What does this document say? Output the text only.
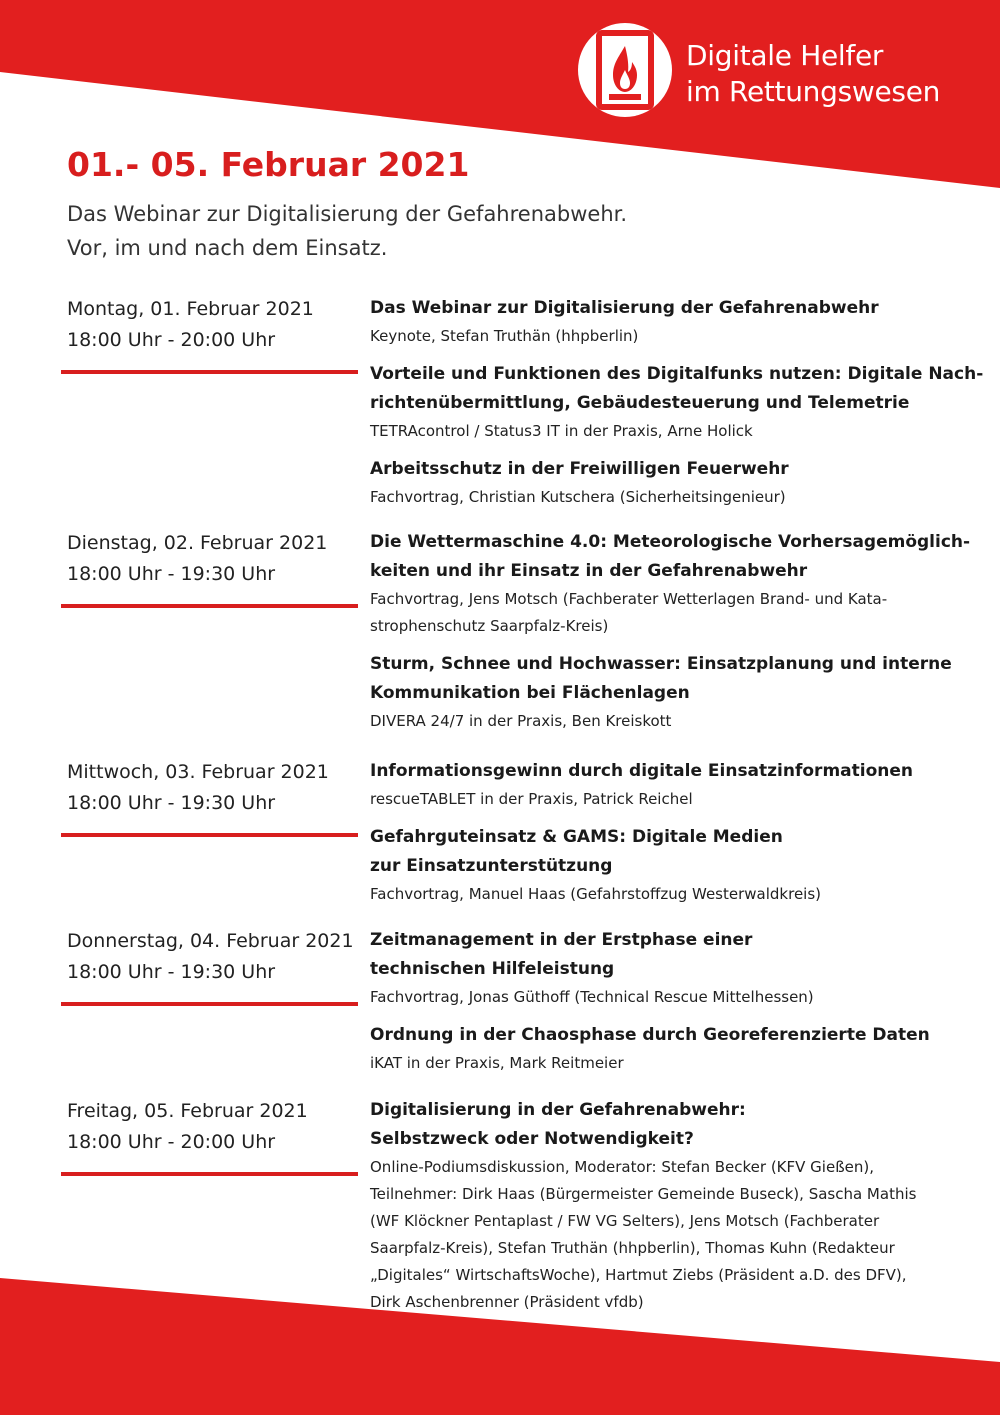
Digitale Helfer
im Rettungswesen
01.- 05. Februar 2021
Das Webinar zur Digitalisierung der Gefahrenabwehr.
Vor, im und nach dem Einsatz.
Montag, 01. Februar 2021
18:00 Uhr - 20:00 Uhr
Dienstag, 02. Februar 2021
18:00 Uhr - 19:30 Uhr
Mittwoch, 03. Februar 2021
18:00 Uhr - 19:30 Uhr
Donnerstag, 04. Februar 2021
18:00 Uhr - 19:30 Uhr
Freitag, 05. Februar 2021
18:00 Uhr - 20:00 Uhr
Das Webinar zur Digitalisierung der Gefahrenabwehr
Keynote, Stefan Truthän (hhpberlin)
Vorteile und Funktionen des Digitalfunks nutzen: Digitale Nach-
richtenübermittlung, Gebäudesteuerung und Telemetrie
TETRAcontrol / Status3 IT in der Praxis, Arne Holick
Arbeitsschutz in der Freiwilligen Feuerwehr
Fachvortrag, Christian Kutschera (Sicherheitsingenieur)
Die Wettermaschine 4.0: Meteorologische Vorhersagemöglich-
keiten und ihr Einsatz in der Gefahrenabwehr
Fachvortrag, Jens Motsch (Fachberater Wetterlagen Brand- und Kata-
strophenschutz Saarpfalz-Kreis)
Sturm, Schnee und Hochwasser: Einsatzplanung und interne
Kommunikation bei Flächenlagen
DIVERA 24/7 in der Praxis, Ben Kreiskott
Informationsgewinn durch digitale Einsatzinformationen
rescueTABLET in der Praxis, Patrick Reichel
Gefahrguteinsatz & GAMS: Digitale Medien
zur Einsatzunterstützung
Fachvortrag, Manuel Haas (Gefahrstoffzug Westerwaldkreis)
Zeitmanagement in der Erstphase einer
technischen Hilfeleistung
Fachvortrag, Jonas Güthoff (Technical Rescue Mittelhessen)
Ordnung in der Chaosphase durch Georeferenzierte Daten
iKAT in der Praxis, Mark Reitmeier
Digitalisierung in der Gefahrenabwehr:
Selbstzweck oder Notwendigkeit?
Online-Podiumsdiskussion, Moderator: Stefan Becker (KFV Gießen),
Teilnehmer: Dirk Haas (Bürgermeister Gemeinde Buseck), Sascha Mathis
(WF Klöckner Pentaplast / FW VG Selters), Jens Motsch (Fachberater
Saarpfalz-Kreis), Stefan Truthän (hhpberlin), Thomas Kuhn (Redakteur
„Digitales“ WirtschaftsWoche), Hartmut Ziebs (Präsident a.D. des DFV),
Dirk Aschenbrenner (Präsident vfdb)
